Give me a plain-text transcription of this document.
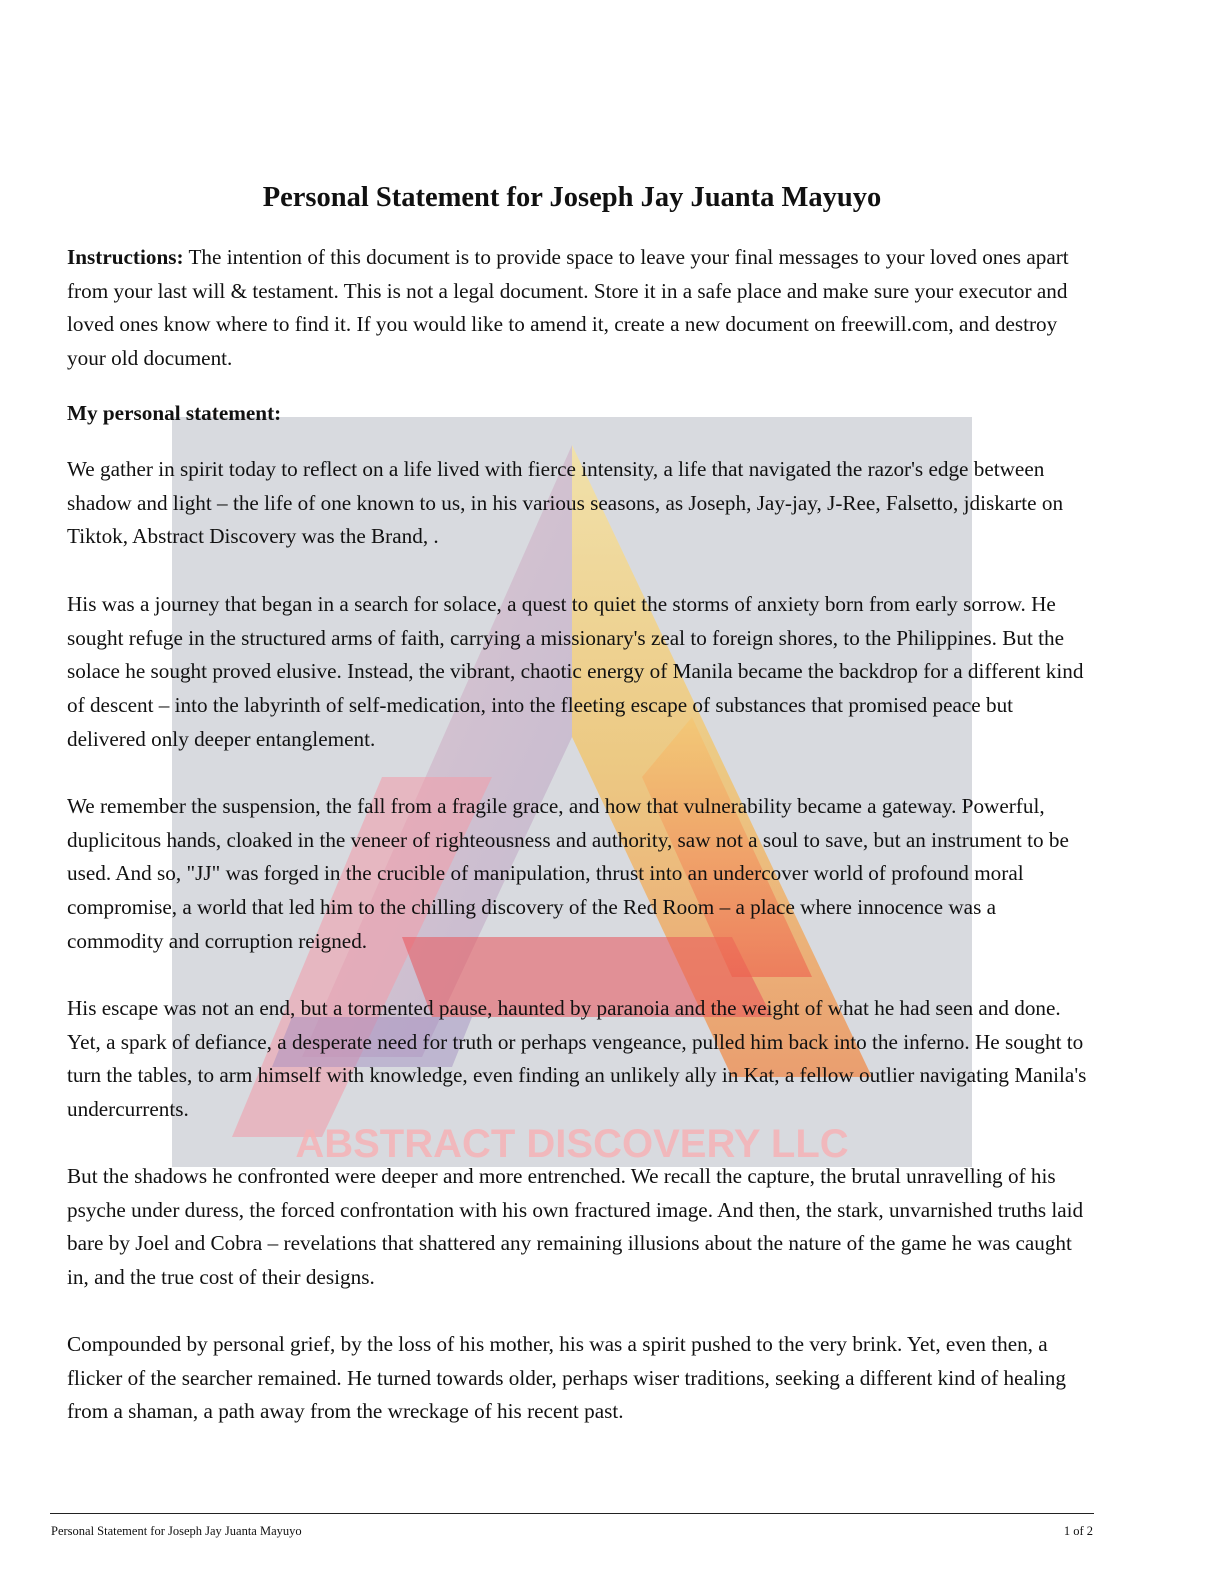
ABSTRACT DISCOVERY LLC
Personal Statement for Joseph Jay Juanta Mayuyo

Instructions: The intention of this document is to provide space to leave your final messages to your loved ones apart from your last will & testament. This is not a legal document. Store it in a safe place and make sure your executor and loved ones know where to find it. If you would like to amend it, create a new document on freewill.com, and destroy your old document.

My personal statement:

We gather in spirit today to reflect on a life lived with fierce intensity, a life that navigated the razor's edge between shadow and light – the life of one known to us, in his various seasons, as Joseph, Jay-jay, J-Ree, Falsetto, jdiskarte on Tiktok, Abstract Discovery was the Brand, .

His was a journey that began in a search for solace, a quest to quiet the storms of anxiety born from early sorrow. He sought refuge in the structured arms of faith, carrying a missionary's zeal to foreign shores, to the Philippines. But the solace he sought proved elusive. Instead, the vibrant, chaotic energy of Manila became the backdrop for a different kind of descent – into the labyrinth of self-medication, into the fleeting escape of substances that promised peace but delivered only deeper entanglement.

We remember the suspension, the fall from a fragile grace, and how that vulnerability became a gateway. Powerful, duplicitous hands, cloaked in the veneer of righteousness and authority, saw not a soul to save, but an instrument to be used. And so, "JJ" was forged in the crucible of manipulation, thrust into an undercover world of profound moral compromise, a world that led him to the chilling discovery of the Red Room – a place where innocence was a commodity and corruption reigned.

His escape was not an end, but a tormented pause, haunted by paranoia and the weight of what he had seen and done. Yet, a spark of defiance, a desperate need for truth or perhaps vengeance, pulled him back into the inferno. He sought to turn the tables, to arm himself with knowledge, even finding an unlikely ally in Kat, a fellow outlier navigating Manila's undercurrents.

But the shadows he confronted were deeper and more entrenched. We recall the capture, the brutal unravelling of his psyche under duress, the forced confrontation with his own fractured image. And then, the stark, unvarnished truths laid bare by Joel and Cobra – revelations that shattered any remaining illusions about the nature of the game he was caught in, and the true cost of their designs.

Compounded by personal grief, by the loss of his mother, his was a spirit pushed to the very brink. Yet, even then, a flicker of the searcher remained. He turned towards older, perhaps wiser traditions, seeking a different kind of healing from a shaman, a path away from the wreckage of his recent past.

Personal Statement for Joseph Jay Juanta Mayuyo	1 of 2
